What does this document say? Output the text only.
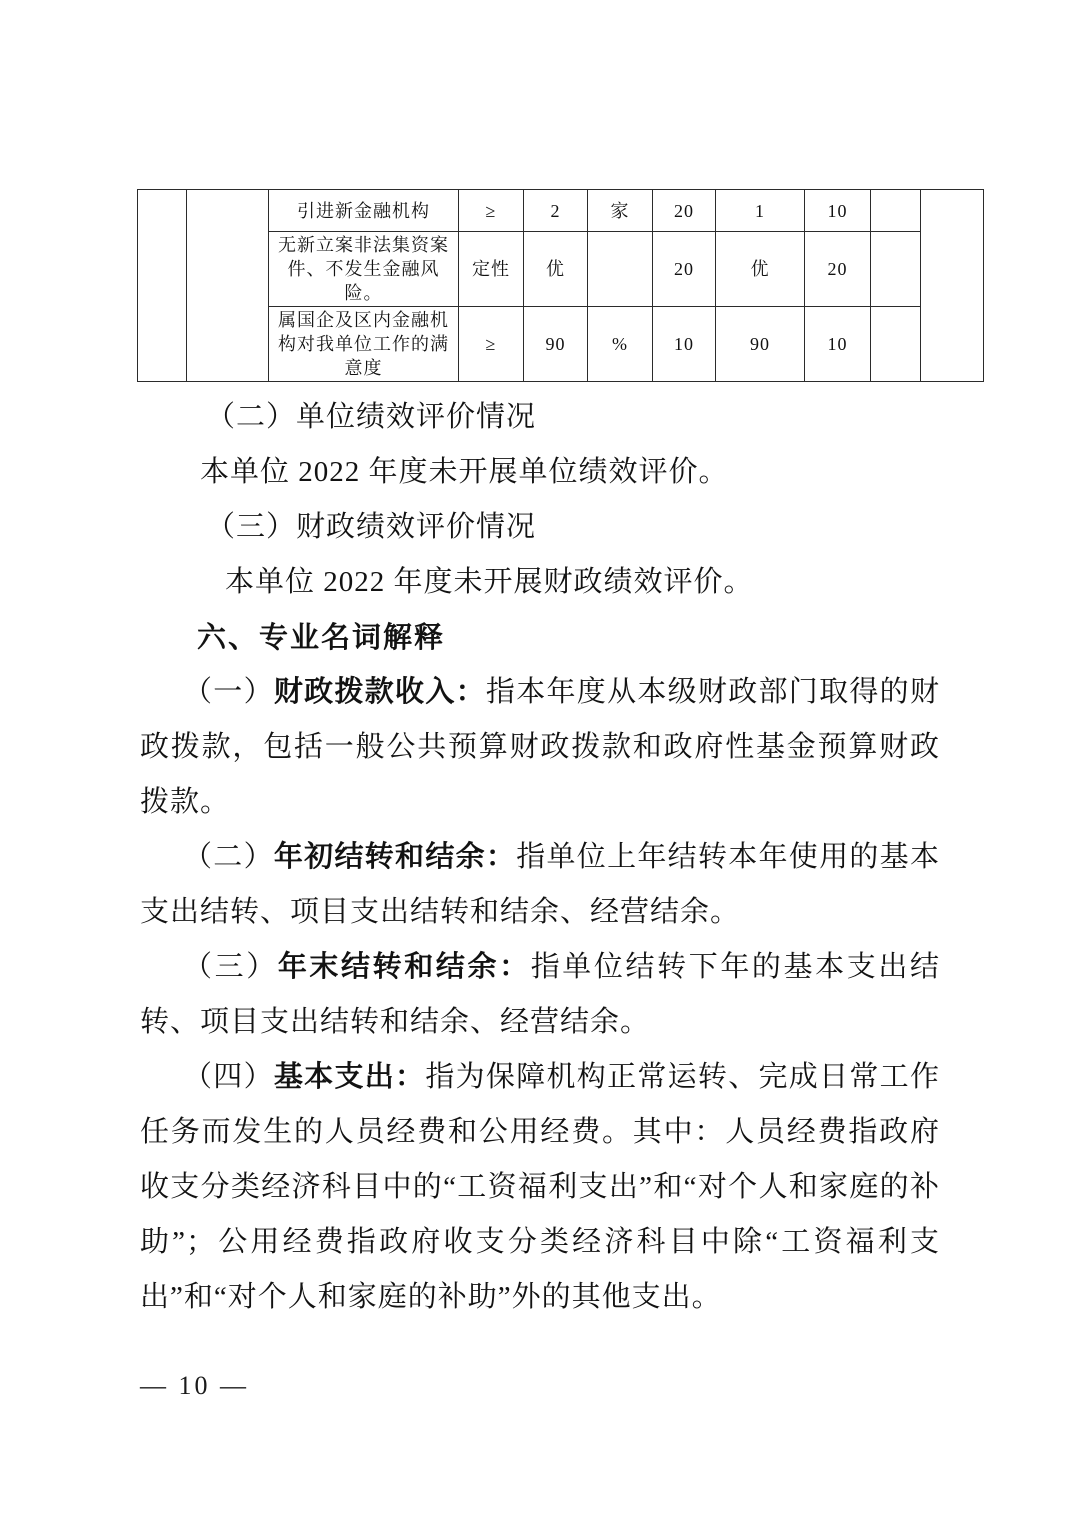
		引进新金融机构	≥	2	家	20	1	10		
		无新立案非法集资案件、不发生金融风险。	定性	优		20	优	20		
		属国企及区内金融机构对我单位工作的满意度	≥	90	%	10	90	10		

（二）单位绩效评价情况

本单位 2022 年度未开展单位绩效评价。

（三）财政绩效评价情况

本单位 2022 年度未开展财政绩效评价。

六、专业名词解释

（一）财政拨款收入：指本年度从本级财政部门取得的财政拨款，包括一般公共预算财政拨款和政府性基金预算财政拨款。

（二）年初结转和结余：指单位上年结转本年使用的基本支出结转、项目支出结转和结余、经营结余。

（三）年末结转和结余：指单位结转下年的基本支出结转、项目支出结转和结余、经营结余。

（四）基本支出：指为保障机构正常运转、完成日常工作任务而发生的人员经费和公用经费。其中：人员经费指政府收支分类经济科目中的“工资福利支出”和“对个人和家庭的补助”；公用经费指政府收支分类经济科目中除“工资福利支出”和“对个人和家庭的补助”外的其他支出。

— 10 —
